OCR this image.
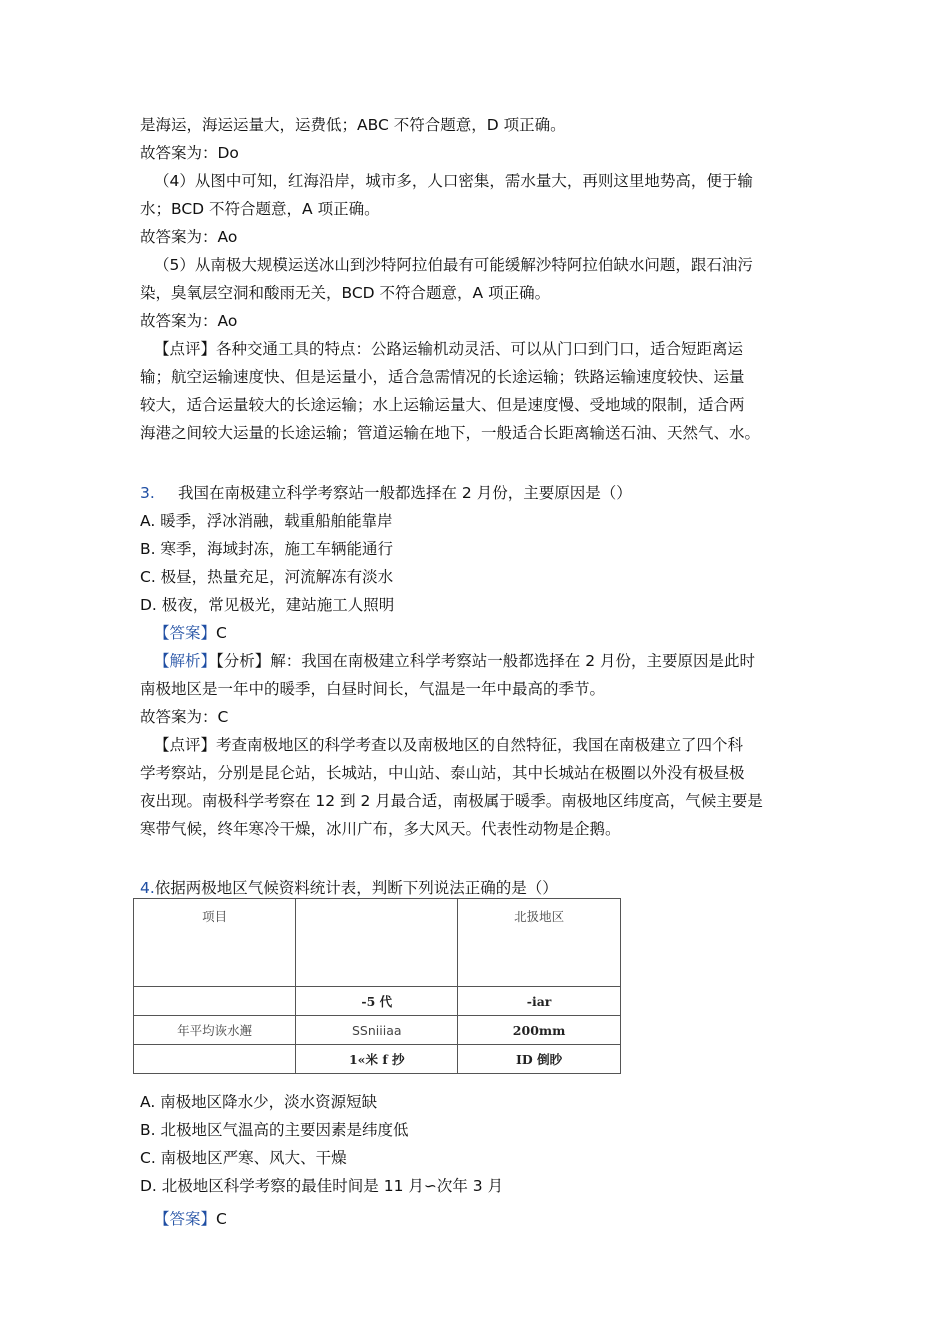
是海运，海运运量大，运费低；ABC 不符合题意，D 项正确。
故答案为：Do
（4）从图中可知，红海沿岸，城市多，人口密集，需水量大，再则这里地势高，便于输
水；BCD 不符合题意，A 项正确。
故答案为：Ao
（5）从南极大规模运送冰山到沙特阿拉伯最有可能缓解沙特阿拉伯缺水问题，跟石油污
染，臭氧层空洞和酸雨无关，BCD 不符合题意，A 项正确。
故答案为：Ao
【点评】各种交通工具的特点：公路运输机动灵活、可以从门口到门口，适合短距离运
输；航空运输速度快、但是运量小，适合急需情况的长途运输；铁路运输速度较快、运量
较大，适合运量较大的长途运输；水上运输运量大、但是速度慢、受地域的限制，适合两
海港之间较大运量的长途运输；管道运输在地下，一般适合长距离输送石油、天然气、水。
3. 我国在南极建立科学考察站一般都选择在 2 月份，主要原因是（）
A. 暖季，浮冰消融，载重船舶能靠岸
B. 寒季，海域封冻，施工车辆能通行
C. 极昼，热量充足，河流解冻有淡水
D. 极夜，常见极光，建站施工人照明
【答案】C
【解析】【分析】解：我国在南极建立科学考察站一般都选择在 2 月份，主要原因是此时
南极地区是一年中的暖季，白昼时间长，气温是一年中最高的季节。
故答案为：C
【点评】考查南极地区的科学考查以及南极地区的自然特征，我国在南极建立了四个科
学考察站，分别是昆仑站，长城站，中山站、泰山站，其中长城站在极圈以外没有极昼极
夜出现。南极科学考察在 12 到 2 月最合适，南极属于暖季。南极地区纬度高，气候主要是
寒带气候，终年寒冷干燥，冰川广布，多大风天。代表性动物是企鹅。
4.依据两极地区气候资料统计表，判断下列说法正确的是（）
项目		北扱地区
	-5 代	-iar
年平均诙水邂	SSniiiaa	200mm
	1«米 f 抄	ID 倒眇
A. 南极地区降水少，淡水资源短缺
B. 北极地区气温高的主要因素是纬度低
C. 南极地区严寒、风大、干燥
D. 北极地区科学考察的最佳时间是 11 月∽次年 3 月
【答案】C
